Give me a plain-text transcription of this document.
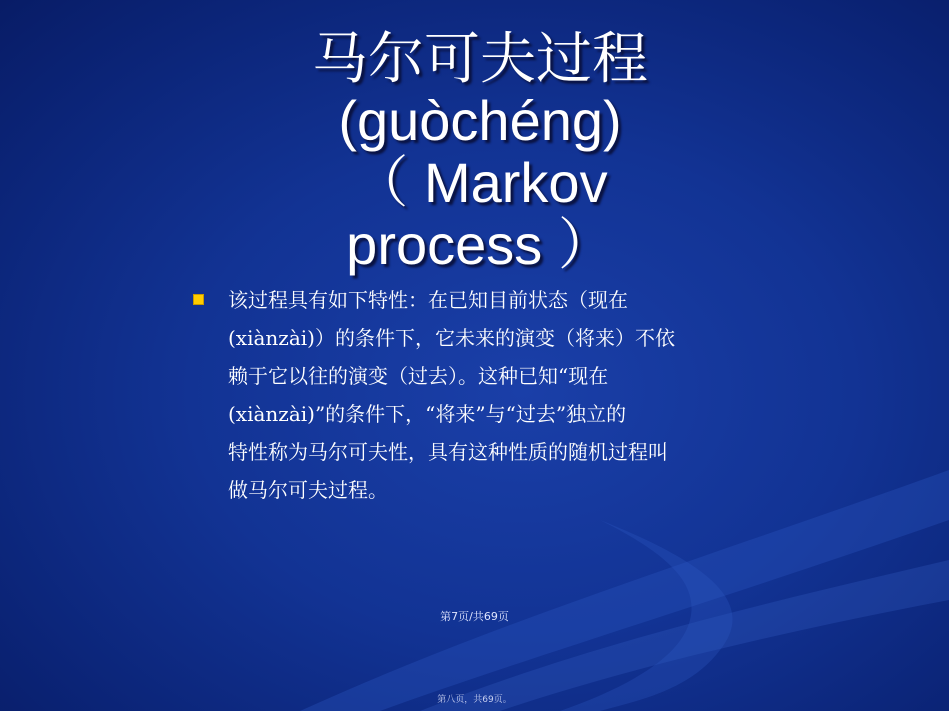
马尔可夫过程
(guòchéng)
（ Markov
process ）
该过程具有如下特性：在已知目前状态（现在
(xiànzài)）的条件下，它未来的演变（将来）不依
赖于它以往的演变（过去）。这种已知“现在
(xiànzài)”的条件下，“将来”与“过去”独立的
特性称为马尔可夫性，具有这种性质的随机过程叫
做马尔可夫过程。
第7页/共69页
第八页，共69页。
